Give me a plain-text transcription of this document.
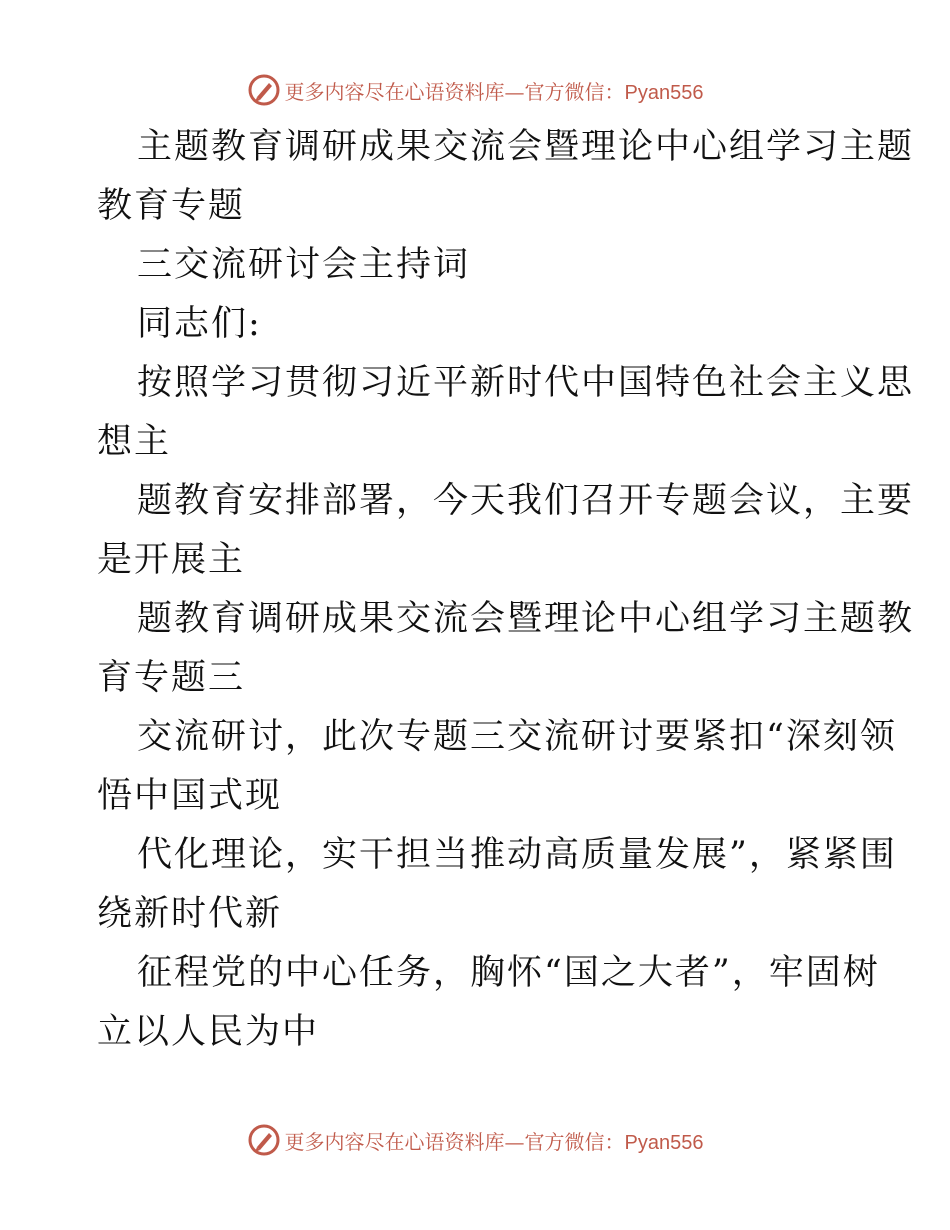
更多内容尽在心语资料库—官方微信：Pyan556
主题教育调研成果交流会暨理论中心组学习主题
教育专题
三交流研讨会主持词
同志们:
按照学习贯彻习近平新时代中国特色社会主义思
想主
题教育安排部署，今天我们召开专题会议，主要
是开展主
题教育调研成果交流会暨理论中心组学习主题教
育专题三
交流研讨，此次专题三交流研讨要紧扣“深刻领
悟中国式现
代化理论，实干担当推动高质量发展”，紧紧围
绕新时代新
征程党的中心任务，胸怀“国之大者”，牢固树
立以人民为中
更多内容尽在心语资料库—官方微信：Pyan556
